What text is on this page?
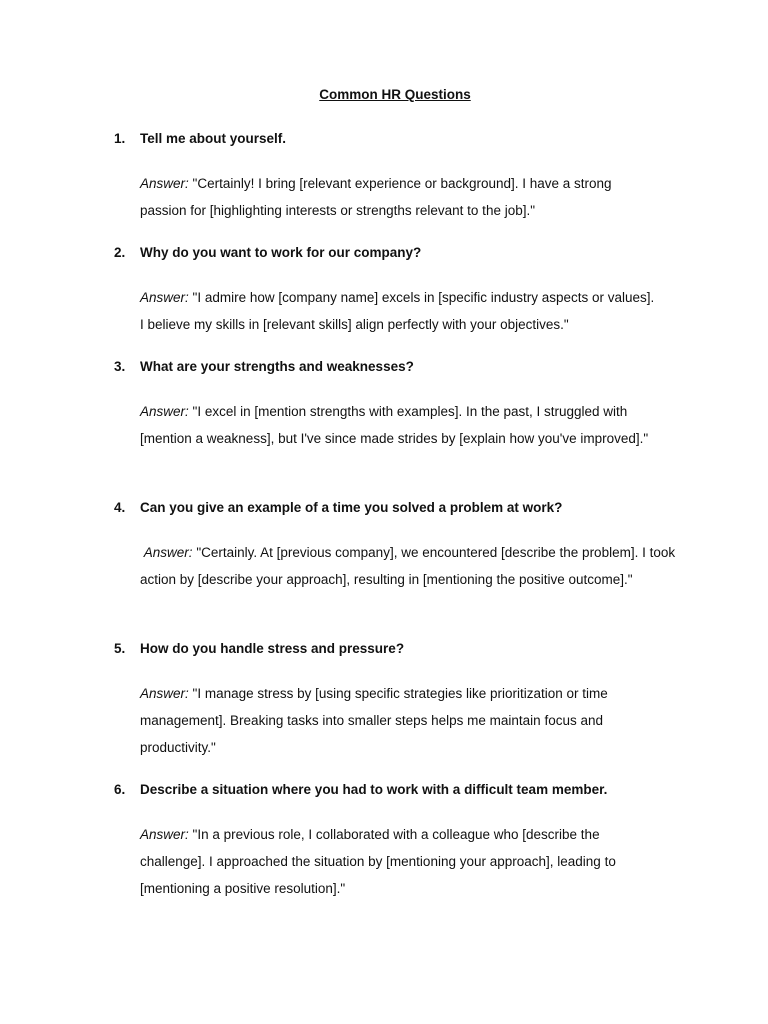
Common HR Questions
1. Tell me about yourself.
Answer: "Certainly! I bring [relevant experience or background]. I have a strong passion for [highlighting interests or strengths relevant to the job]."
2. Why do you want to work for our company?
Answer: "I admire how [company name] excels in [specific industry aspects or values]. I believe my skills in [relevant skills] align perfectly with your objectives."
3. What are your strengths and weaknesses?
Answer: "I excel in [mention strengths with examples]. In the past, I struggled with [mention a weakness], but I've since made strides by [explain how you've improved]."
4. Can you give an example of a time you solved a problem at work?
Answer: "Certainly. At [previous company], we encountered [describe the problem]. I took action by [describe your approach], resulting in [mentioning the positive outcome]."
5. How do you handle stress and pressure?
Answer: "I manage stress by [using specific strategies like prioritization or time management]. Breaking tasks into smaller steps helps me maintain focus and productivity."
6. Describe a situation where you had to work with a difficult team member.
Answer: "In a previous role, I collaborated with a colleague who [describe the challenge]. I approached the situation by [mentioning your approach], leading to [mentioning a positive resolution]."
